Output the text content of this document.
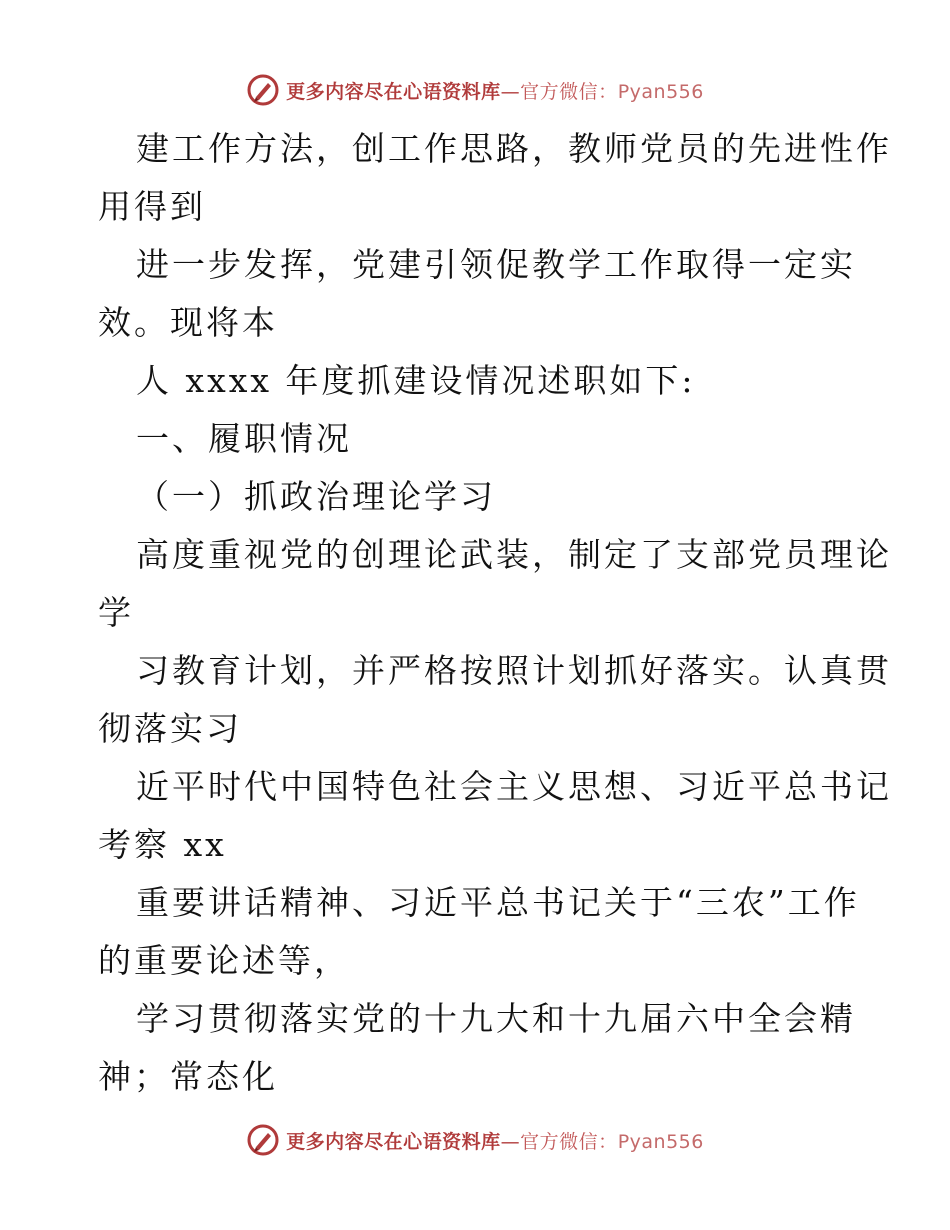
更多内容尽在心语资料库—官方微信：Pyan556
建工作方法，创工作思路，教师党员的先进性作
用得到
进一步发挥，党建引领促教学工作取得一定实
效。现将本
人 xxxx 年度抓建设情况述职如下:
一、履职情况
（一）抓政治理论学习
高度重视党的创理论武装，制定了支部党员理论
学
习教育计划，并严格按照计划抓好落实。认真贯
彻落实习
近平时代中国特色社会主义思想、习近平总书记
考察 xx
重要讲话精神、习近平总书记关于“三农”工作
的重要论述等，
学习贯彻落实党的十九大和十九届六中全会精
神；常态化
更多内容尽在心语资料库—官方微信：Pyan556
